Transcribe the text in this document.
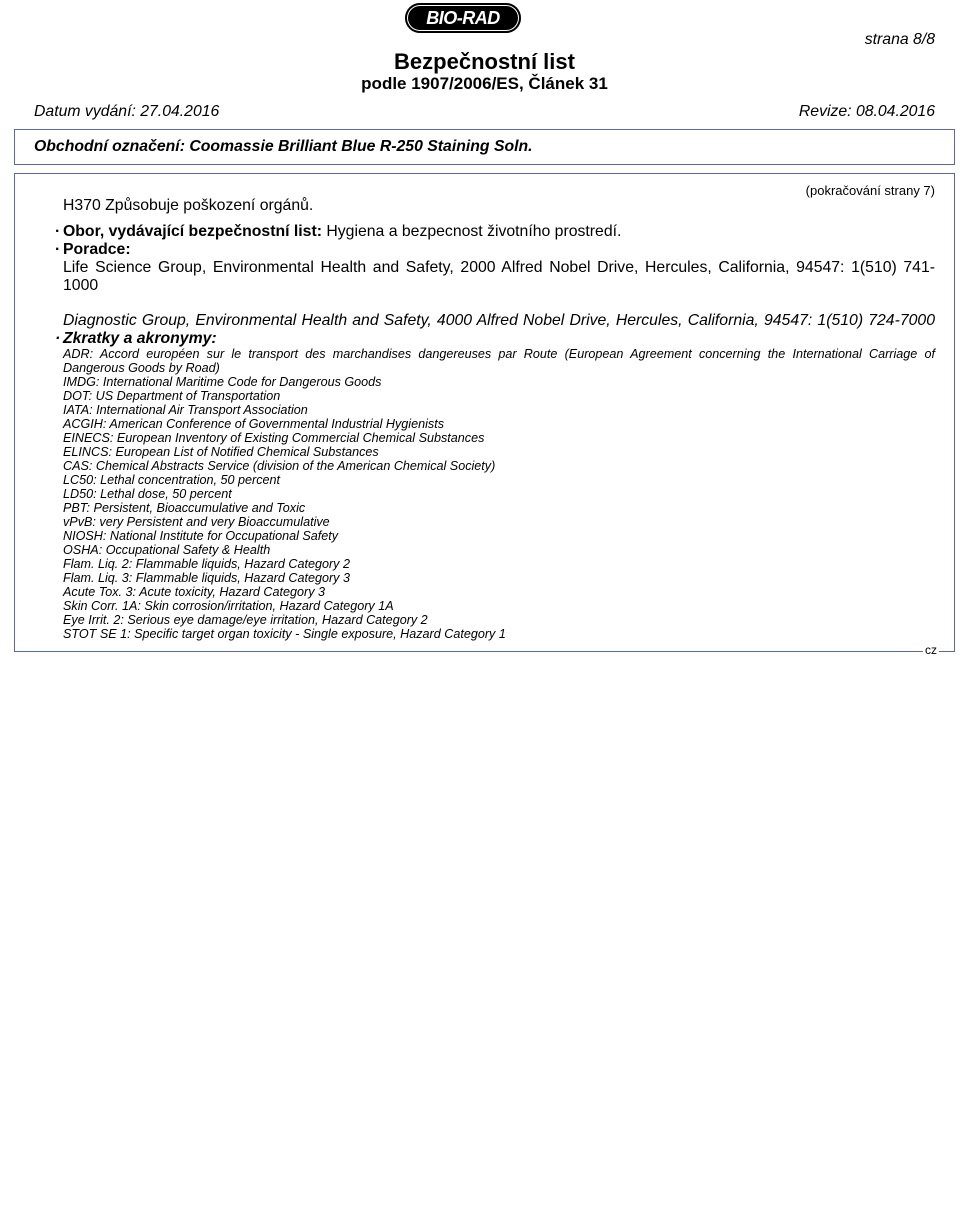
BIO-RAD
strana 8/8
Bezpečnostní list
podle 1907/2006/ES, Článek 31
Datum vydání: 27.04.2016	Revize: 08.04.2016
Obchodní označení: Coomassie Brilliant Blue R-250 Staining Soln.
(pokračování strany 7)
H370 Způsobuje poškození orgánů.
· Obor, vydávající bezpečnostní list: Hygiena a bezpecnost životního prostredí.
· Poradce:
Life Science Group, Environmental Health and Safety, 2000 Alfred Nobel Drive, Hercules, California, 94547: 1(510) 741-
1000
Diagnostic Group, Environmental Health and Safety, 4000 Alfred Nobel Drive, Hercules, California, 94547: 1(510) 724-7000
· Zkratky a akronymy:
ADR: Accord européen sur le transport des marchandises dangereuses par Route (European Agreement concerning the International Carriage of
Dangerous Goods by Road)
IMDG: International Maritime Code for Dangerous Goods
DOT: US Department of Transportation
IATA: International Air Transport Association
ACGIH: American Conference of Governmental Industrial Hygienists
EINECS: European Inventory of Existing Commercial Chemical Substances
ELINCS: European List of Notified Chemical Substances
CAS: Chemical Abstracts Service (division of the American Chemical Society)
LC50: Lethal concentration, 50 percent
LD50: Lethal dose, 50 percent
PBT: Persistent, Bioaccumulative and Toxic
vPvB: very Persistent and very Bioaccumulative
NIOSH: National Institute for Occupational Safety
OSHA: Occupational Safety & Health
Flam. Liq. 2: Flammable liquids, Hazard Category 2
Flam. Liq. 3: Flammable liquids, Hazard Category 3
Acute Tox. 3: Acute toxicity, Hazard Category 3
Skin Corr. 1A: Skin corrosion/irritation, Hazard Category 1A
Eye Irrit. 2: Serious eye damage/eye irritation, Hazard Category 2
STOT SE 1: Specific target organ toxicity - Single exposure, Hazard Category 1
cz
